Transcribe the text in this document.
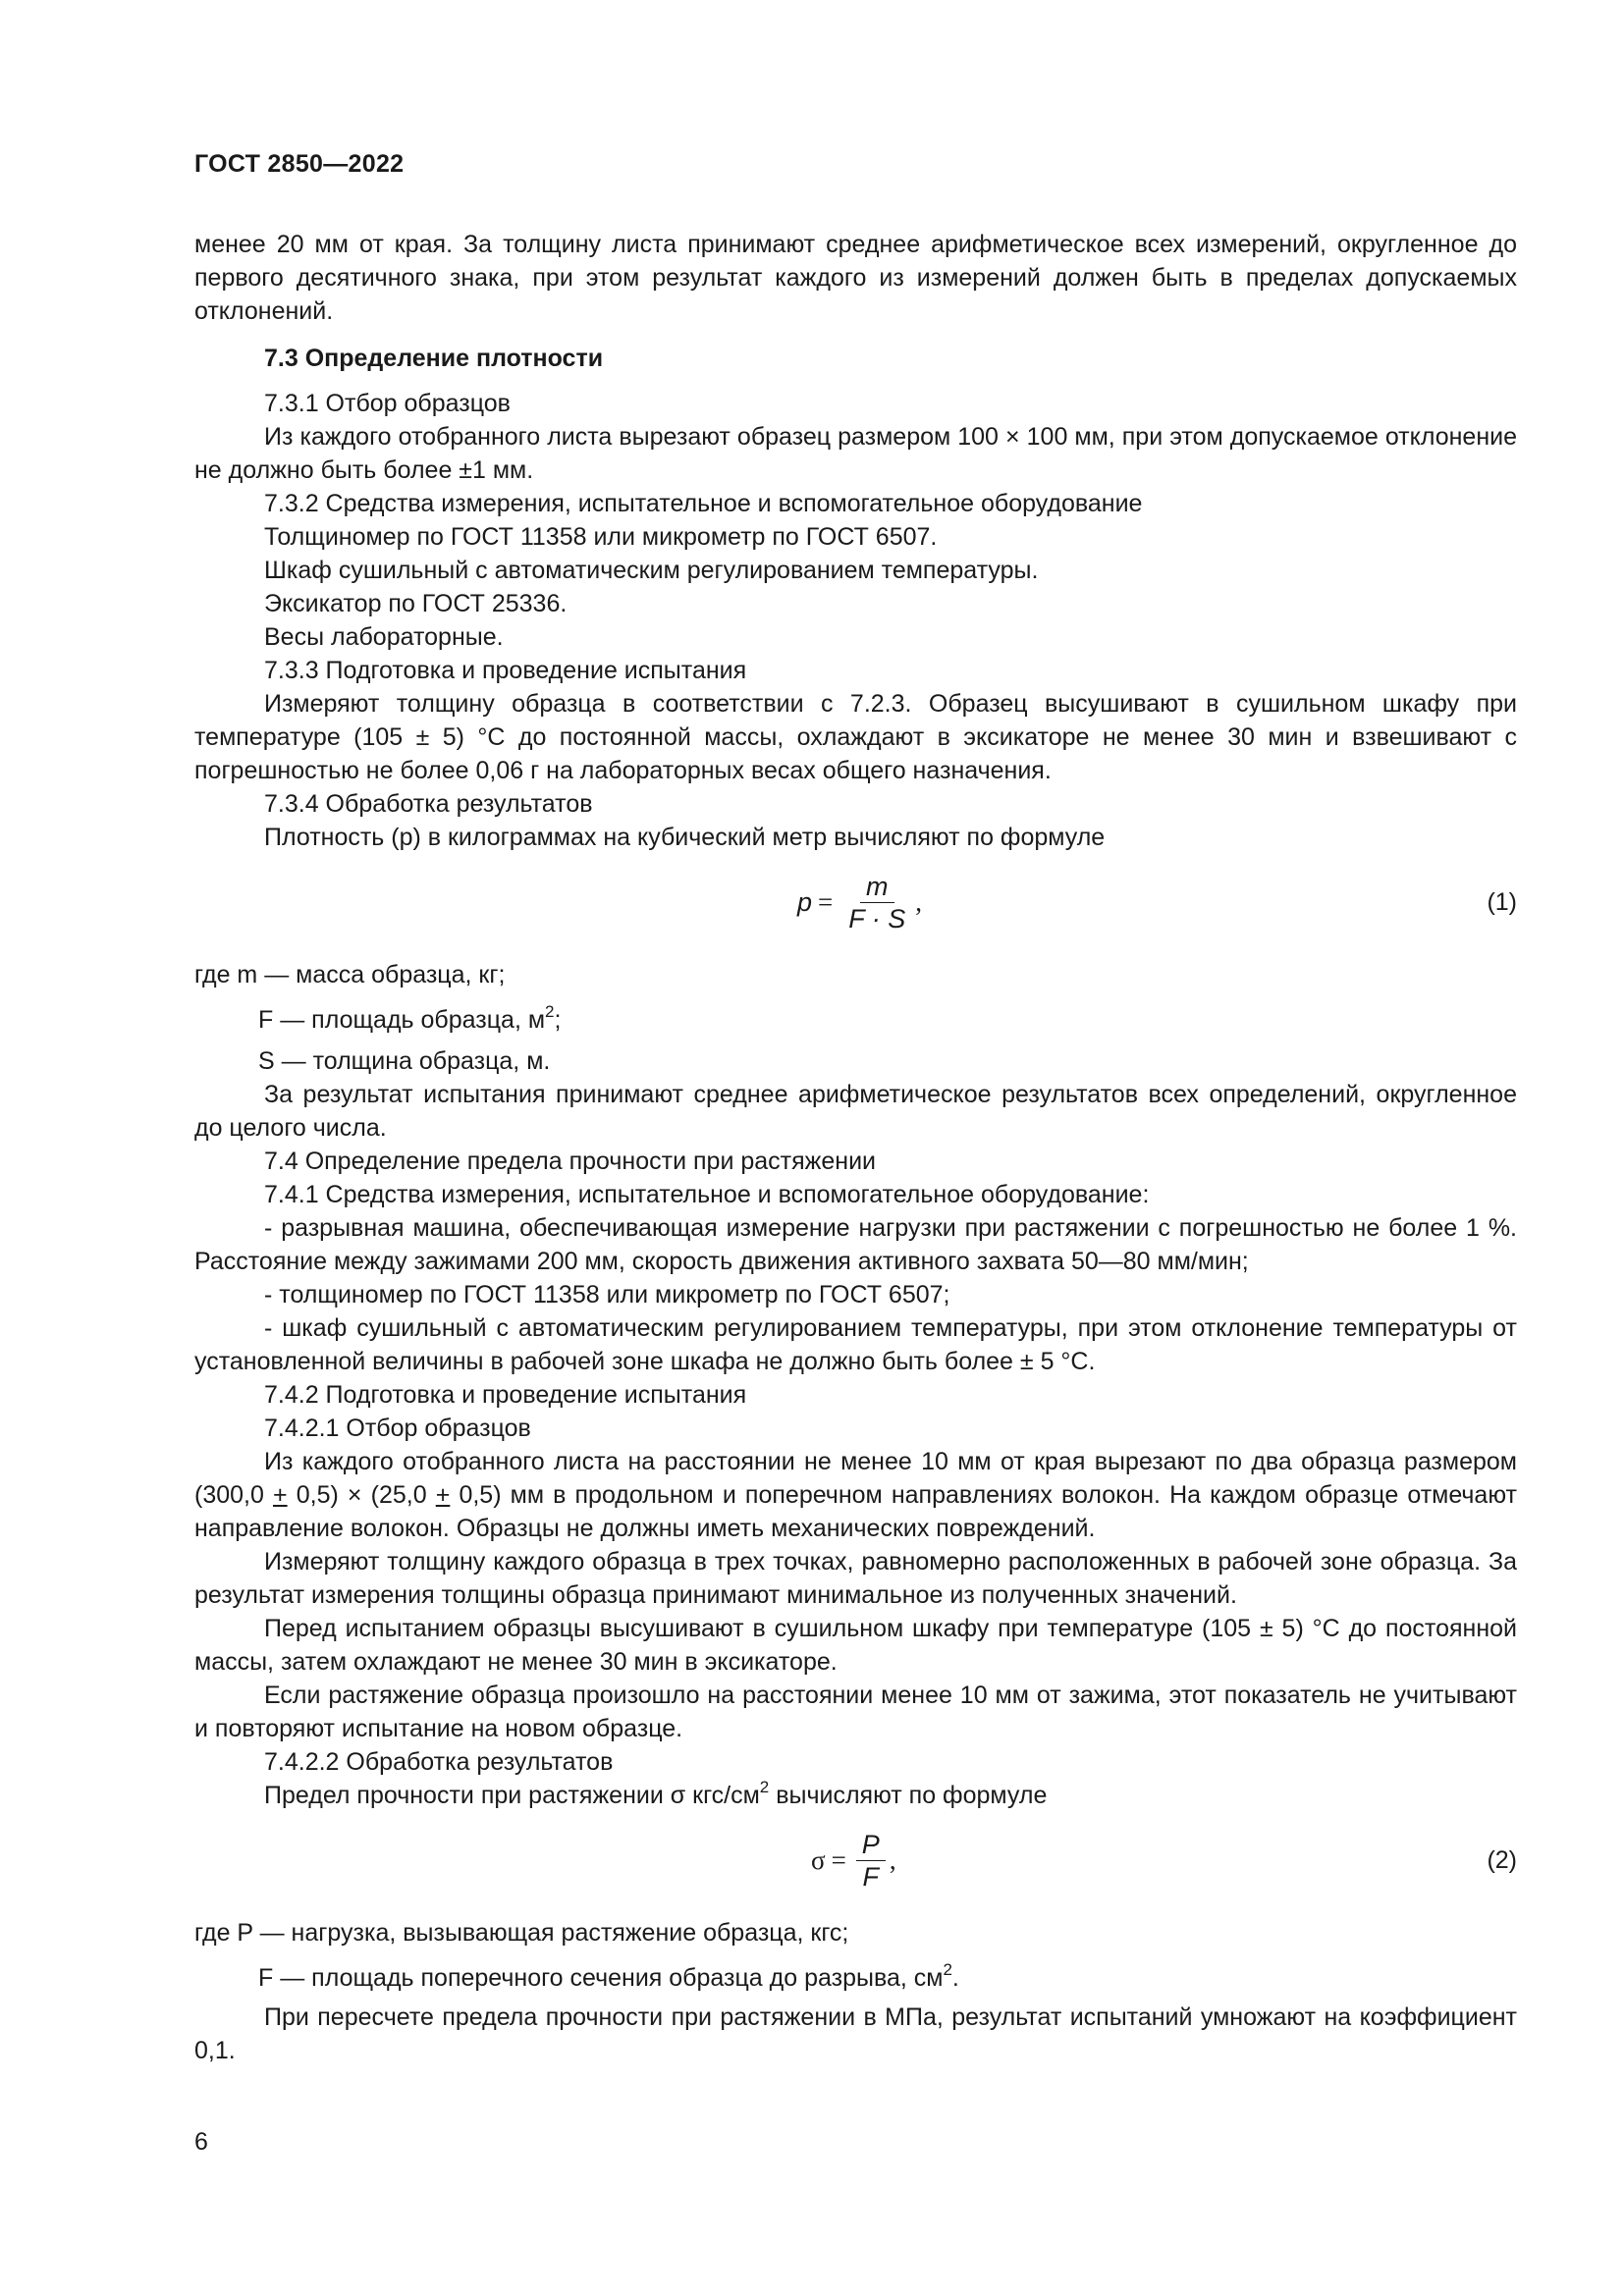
ГОСТ 2850—2022

менее 20 мм от края. За толщину листа принимают среднее арифметическое всех измерений, округленное до первого десятичного знака, при этом результат каждого из измерений должен быть в пределах допускаемых отклонений.

7.3 Определение плотности

7.3.1 Отбор образцов

Из каждого отобранного листа вырезают образец размером 100 × 100 мм, при этом допускаемое отклонение не должно быть более ±1 мм.

7.3.2 Средства измерения, испытательное и вспомогательное оборудование

Толщиномер по ГОСТ 11358 или микрометр по ГОСТ 6507.

Шкаф сушильный с автоматическим регулированием температуры.

Эксикатор по ГОСТ 25336.

Весы лабораторные.

7.3.3 Подготовка и проведение испытания

Измеряют толщину образца в соответствии с 7.2.3. Образец высушивают в сушильном шкафу при температуре (105 ± 5) °С до постоянной массы, охлаждают в эксикаторе не менее 30 мин и взвешивают с погрешностью не более 0,06 г на лабораторных весах общего назначения.

7.3.4 Обработка результатов

Плотность (р) в килограммах на кубический метр вычисляют по формуле

$p = \frac{m}{F \cdot S}$ ,	(1)

где m — масса образца, кг;

F — площадь образца, $м^2$;

S — толщина образца, м.

За результат испытания принимают среднее арифметическое результатов всех определений, округленное до целого числа.

7.4 Определение предела прочности при растяжении

7.4.1 Средства измерения, испытательное и вспомогательное оборудование:

- разрывная машина, обеспечивающая измерение нагрузки при растяжении с погрешностью не более 1 %. Расстояние между зажимами 200 мм, скорость движения активного захвата 50—80 мм/мин;

- толщиномер по ГОСТ 11358 или микрометр по ГОСТ 6507;

- шкаф сушильный с автоматическим регулированием температуры, при этом отклонение температуры от установленной величины в рабочей зоне шкафа не должно быть более ± 5 °С.

7.4.2 Подготовка и проведение испытания

7.4.2.1 Отбор образцов

Из каждого отобранного листа на расстоянии не менее 10 мм от края вырезают по два образца размером (300,0 + 0,5) × (25,0 + 0,5) мм в продольном и поперечном направлениях волокон. На каждом образце отмечают направление волокон. Образцы не должны иметь механических повреждений.

Измеряют толщину каждого образца в трех точках, равномерно расположенных в рабочей зоне образца. За результат измерения толщины образца принимают минимальное из полученных значений.

Перед испытанием образцы высушивают в сушильном шкафу при температуре (105 ± 5) °С до постоянной массы, затем охлаждают не менее 30 мин в эксикаторе.

Если растяжение образца произошло на расстоянии менее 10 мм от зажима, этот показатель не учитывают и повторяют испытание на новом образце.

7.4.2.2 Обработка результатов

Предел прочности при растяжении σ кгс/$см^2$ вычисляют по формуле

$\sigma = \frac{P}{F}$ ,	(2)

где P — нагрузка, вызывающая растяжение образца, кгс;

F — площадь поперечного сечения образца до разрыва, $см^2$.

При пересчете предела прочности при растяжении в МПа, результат испытаний умножают на коэффициент 0,1.

6
